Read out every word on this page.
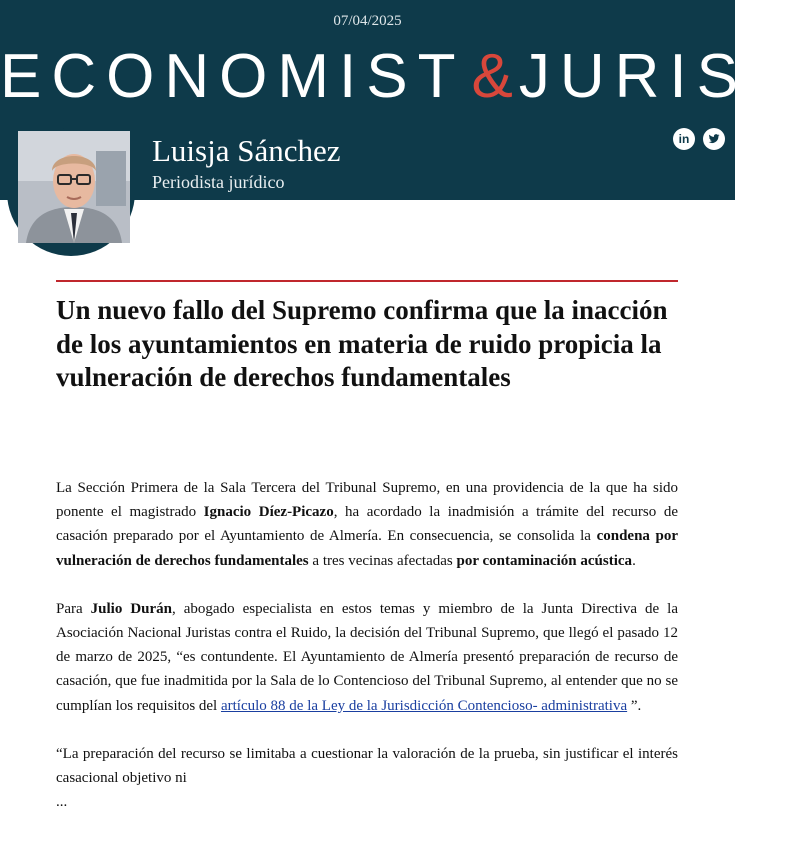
07/04/2025
ECONOMIST&JURIST
Luisja Sánchez
Periodista jurídico
in
Un nuevo fallo del Supremo confirma que la inacción de los ayuntamientos en materia de ruido propicia la vulneración de derechos fundamentales

La Sección Primera de la Sala Tercera del Tribunal Supremo, en una providencia de la que ha sido ponente el magistrado Ignacio Díez-Picazo, ha acordado la inadmisión a trámite del recurso de casación preparado por el Ayuntamiento de Almería. En consecuencia, se consolida la condena por vulneración de derechos fundamentales a tres vecinas afectadas por contaminación acústica.

Para Julio Durán, abogado especialista en estos temas y miembro de la Junta Directiva de la Asociación Nacional Juristas contra el Ruido, la decisión del Tribunal Supremo, que llegó el pasado 12 de marzo de 2025, “es contundente. El Ayuntamiento de Almería presentó preparación de recurso de casación, que fue inadmitida por la Sala de lo Contencioso del Tribunal Supremo, al entender que no se cumplían los requisitos del artículo 88 de la Ley de la Jurisdicción Contencioso- administrativa ”.

“La preparación del recurso se limitaba a cuestionar la valoración de la prueba, sin justificar el interés casacional objetivo ni

...
